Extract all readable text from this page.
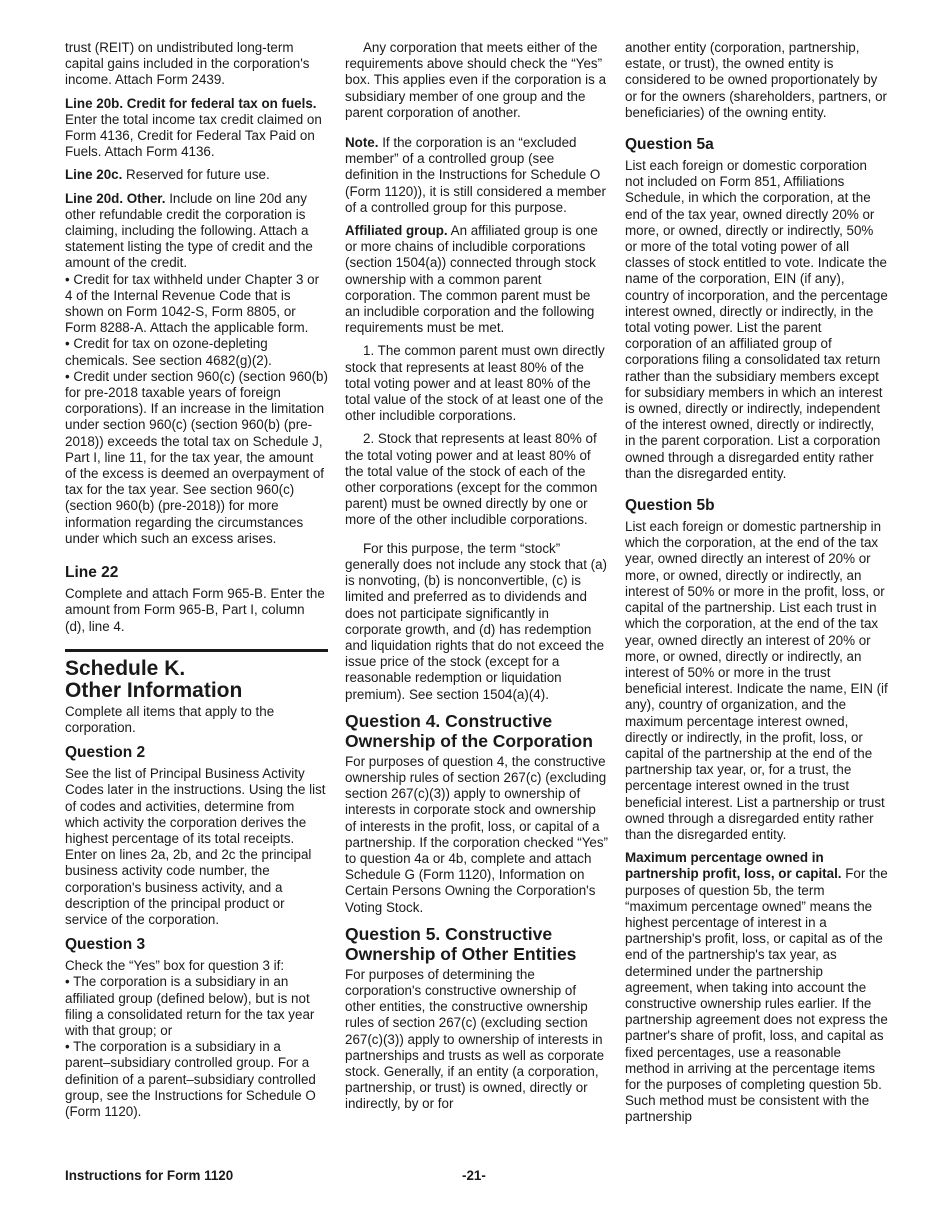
trust (REIT) on undistributed long-term capital gains included in the corporation's income. Attach Form 2439.

Line 20b. Credit for federal tax on fuels. Enter the total income tax credit claimed on Form 4136, Credit for Federal Tax Paid on Fuels. Attach Form 4136.

Line 20c. Reserved for future use.

Line 20d. Other. Include on line 20d any other refundable credit the corporation is claiming, including the following. Attach a statement listing the type of credit and the amount of the credit.

• Credit for tax withheld under Chapter 3 or 4 of the Internal Revenue Code that is shown on Form 1042-S, Form 8805, or Form 8288-A. Attach the applicable form.

• Credit for tax on ozone-depleting chemicals. See section 4682(g)(2).

• Credit under section 960(c) (section 960(b) for pre-2018 taxable years of foreign corporations). If an increase in the limitation under section 960(c) (section 960(b) (pre-2018)) exceeds the total tax on Schedule J, Part I, line 11, for the tax year, the amount of the excess is deemed an overpayment of tax for the tax year. See section 960(c) (section 960(b) (pre-2018)) for more information regarding the circumstances under which such an excess arises.

Line 22

Complete and attach Form 965-B. Enter the amount from Form 965-B, Part I, column (d), line 4.

Schedule K.
Other Information

Complete all items that apply to the corporation.

Question 2

See the list of Principal Business Activity Codes later in the instructions. Using the list of codes and activities, determine from which activity the corporation derives the highest percentage of its total receipts. Enter on lines 2a, 2b, and 2c the principal business activity code number, the corporation's business activity, and a description of the principal product or service of the corporation.

Question 3

Check the “Yes” box for question 3 if:

• The corporation is a subsidiary in an affiliated group (defined below), but is not filing a consolidated return for the tax year with that group; or

• The corporation is a subsidiary in a parent–subsidiary controlled group. For a definition of a parent–subsidiary controlled group, see the Instructions for Schedule O (Form 1120).

Any corporation that meets either of the requirements above should check the “Yes” box. This applies even if the corporation is a subsidiary member of one group and the parent corporation of another.

Note. If the corporation is an “excluded member” of a controlled group (see definition in the Instructions for Schedule O (Form 1120)), it is still considered a member of a controlled group for this purpose.

Affiliated group. An affiliated group is one or more chains of includible corporations (section 1504(a)) connected through stock ownership with a common parent corporation. The common parent must be an includible corporation and the following requirements must be met.

1. The common parent must own directly stock that represents at least 80% of the total voting power and at least 80% of the total value of the stock of at least one of the other includible corporations.

2. Stock that represents at least 80% of the total voting power and at least 80% of the total value of the stock of each of the other corporations (except for the common parent) must be owned directly by one or more of the other includible corporations.

For this purpose, the term “stock” generally does not include any stock that (a) is nonvoting, (b) is nonconvertible, (c) is limited and preferred as to dividends and does not participate significantly in corporate growth, and (d) has redemption and liquidation rights that do not exceed the issue price of the stock (except for a reasonable redemption or liquidation premium). See section 1504(a)(4).

Question 4. Constructive Ownership of the Corporation

For purposes of question 4, the constructive ownership rules of section 267(c) (excluding section 267(c)(3)) apply to ownership of interests in corporate stock and ownership of interests in the profit, loss, or capital of a partnership. If the corporation checked “Yes” to question 4a or 4b, complete and attach Schedule G (Form 1120), Information on Certain Persons Owning the Corporation's Voting Stock.

Question 5. Constructive Ownership of Other Entities

For purposes of determining the corporation's constructive ownership of other entities, the constructive ownership rules of section 267(c) (excluding section 267(c)(3)) apply to ownership of interests in partnerships and trusts as well as corporate stock. Generally, if an entity (a corporation, partnership, or trust) is owned, directly or indirectly, by or for

another entity (corporation, partnership, estate, or trust), the owned entity is considered to be owned proportionately by or for the owners (shareholders, partners, or beneficiaries) of the owning entity.

Question 5a

List each foreign or domestic corporation not included on Form 851, Affiliations Schedule, in which the corporation, at the end of the tax year, owned directly 20% or more, or owned, directly or indirectly, 50% or more of the total voting power of all classes of stock entitled to vote. Indicate the name of the corporation, EIN (if any), country of incorporation, and the percentage interest owned, directly or indirectly, in the total voting power. List the parent corporation of an affiliated group of corporations filing a consolidated tax return rather than the subsidiary members except for subsidiary members in which an interest is owned, directly or indirectly, independent of the interest owned, directly or indirectly, in the parent corporation. List a corporation owned through a disregarded entity rather than the disregarded entity.

Question 5b

List each foreign or domestic partnership in which the corporation, at the end of the tax year, owned directly an interest of 20% or more, or owned, directly or indirectly, an interest of 50% or more in the profit, loss, or capital of the partnership. List each trust in which the corporation, at the end of the tax year, owned directly an interest of 20% or more, or owned, directly or indirectly, an interest of 50% or more in the trust beneficial interest. Indicate the name, EIN (if any), country of organization, and the maximum percentage interest owned, directly or indirectly, in the profit, loss, or capital of the partnership at the end of the partnership tax year, or, for a trust, the percentage interest owned in the trust beneficial interest. List a partnership or trust owned through a disregarded entity rather than the disregarded entity.

Maximum percentage owned in partnership profit, loss, or capital. For the purposes of question 5b, the term “maximum percentage owned” means the highest percentage of interest in a partnership's profit, loss, or capital as of the end of the partnership's tax year, as determined under the partnership agreement, when taking into account the constructive ownership rules earlier. If the partnership agreement does not express the partner's share of profit, loss, and capital as fixed percentages, use a reasonable method in arriving at the percentage items for the purposes of completing question 5b. Such method must be consistent with the partnership

Instructions for Form 1120	-21-
